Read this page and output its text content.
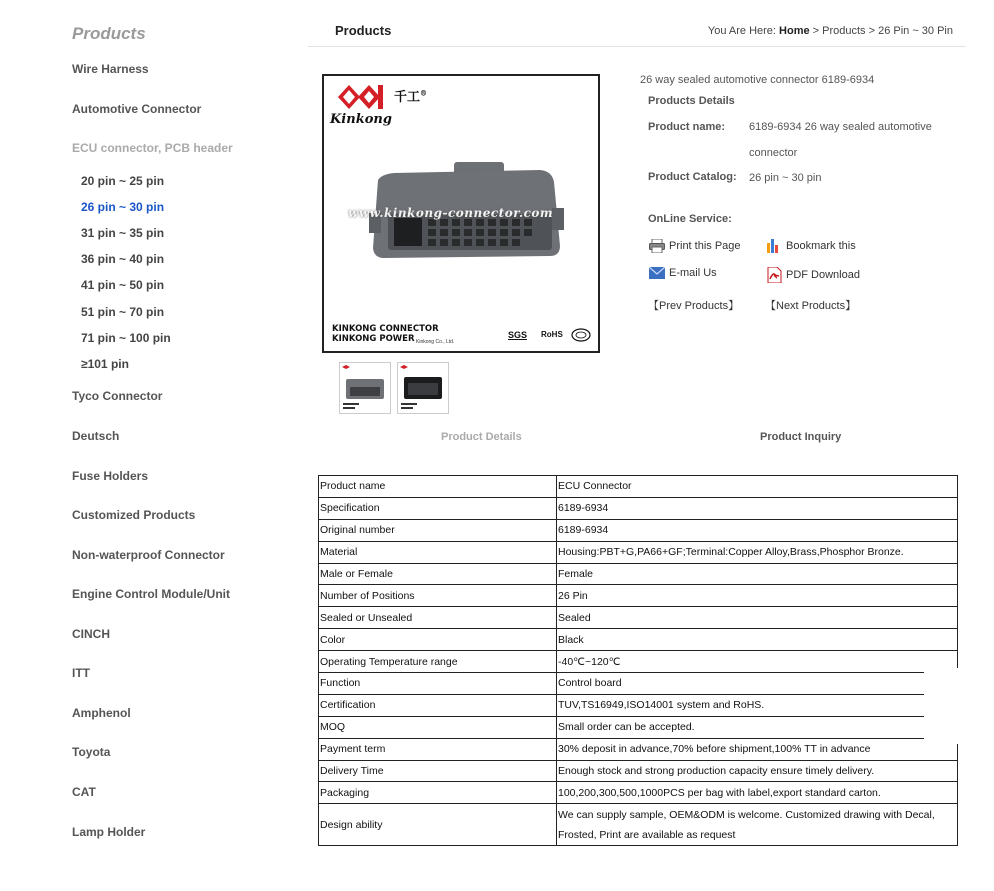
Products
Wire Harness
Automotive Connector
ECU connector, PCB header
20 pin ~ 25 pin
26 pin ~ 30 pin
31 pin ~ 35 pin
36 pin ~ 40 pin
41 pin ~ 50 pin
51 pin ~ 70 pin
71 pin ~ 100 pin
≥101 pin
Tyco Connector
Deutsch
Fuse Holders
Customized Products
Non-waterproof Connector
Engine Control Module/Unit
CINCH
ITT
Amphenol
Toyota
CAT
Lamp Holder
Products	You Are Here: Home > Products > 26 Pin ~ 30 Pin
千工®
Kinkong
www.kinkong-connector.com
KINKONG CONNECTOR
KINKONG POWER Kinkong Co., Ltd.
SGS RoHS
Product Details	Product Inquiry
26 way sealed automotive connector 6189-6934
Products Details
Product name: 6189-6934 26 way sealed automotive connector
Product Catalog: 26 pin ~ 30 pin
OnLine Service:
Print this Page	Bookmark this
E-mail Us	PDF Download
【Prev Products】 【Next Products】
Product name	ECU Connector
Specification	6189-6934
Original number	6189-6934
Material	Housing:PBT+G,PA66+GF;Terminal:Copper Alloy,Brass,Phosphor Bronze.
Male or Female	Female
Number of Positions	26 Pin
Sealed or Unsealed	Sealed
Color	Black
Operating Temperature range	-40℃~120℃
Function	Control board
Certification	TUV,TS16949,ISO14001 system and RoHS.
MOQ	Small order can be accepted.
Payment term	30% deposit in advance,70% before shipment,100% TT in advance
Delivery Time	Enough stock and strong production capacity ensure timely delivery.
Packaging	100,200,300,500,1000PCS per bag with label,export standard carton.
Design ability	We can supply sample, OEM&ODM is welcome. Customized drawing with Decal, Frosted, Print are available as request
